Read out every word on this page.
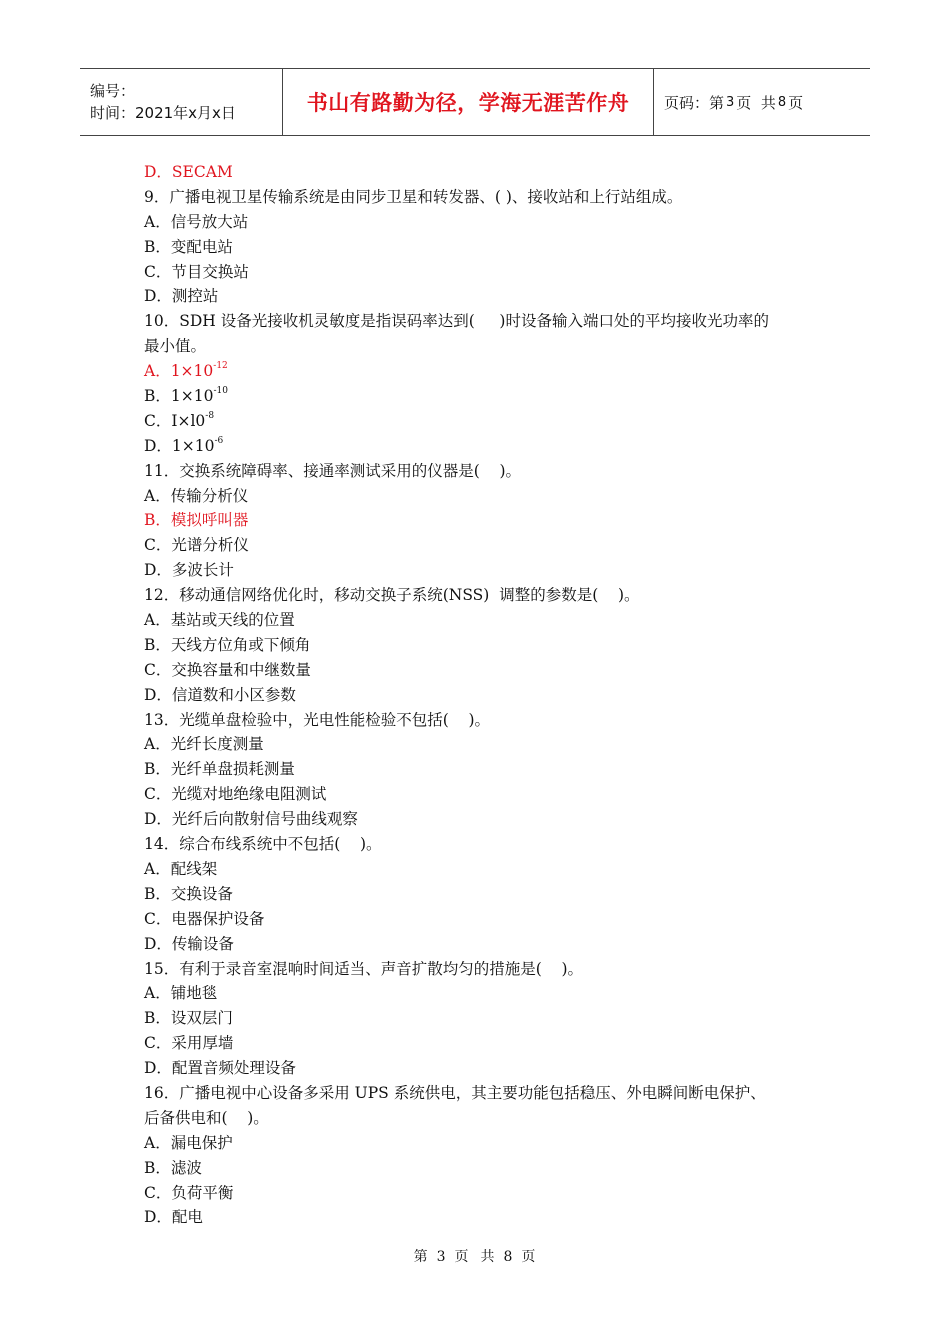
编号：
时间：2021年x月x日	书山有路勤为径，学海无涯苦作舟 页码：第 3 页  共 8 页
D．SECAM
9．广播电视卫星传输系统是由同步卫星和转发器、( )、接收站和上行站组成。
A．信号放大站
B．变配电站
C．节目交换站
D．测控站
10．SDH 设备光接收机灵敏度是指误码率达到(     )时设备输入端口处的平均接收光功率的
最小值。
A．$1\times 10^{-12}$
B．$1\times 10^{-10}$
C．$I\times l0^{-8}$
D．$1\times 10^{-6}$
11．交换系统障碍率、接通率测试采用的仪器是(    )。
A．传输分析仪
B．模拟呼叫器
C．光谱分析仪
D．多波长计
12．移动通信网络优化时，移动交换子系统(NSS)  调整的参数是(    )。
A．基站或天线的位置
B．天线方位角或下倾角
C．交换容量和中继数量
D．信道数和小区参数
13．光缆单盘检验中，光电性能检验不包括(    )。
A．光纤长度测量
B．光纤单盘损耗测量
C．光缆对地绝缘电阻测试
D．光纤后向散射信号曲线观察
14．综合布线系统中不包括(    )。
A．配线架
B．交换设备
C．电器保护设备
D．传输设备
15．有利于录音室混响时间适当、声音扩散均匀的措施是(    )。
A．铺地毯
B．设双层门
C．采用厚墙
D．配置音频处理设备
16．广播电视中心设备多采用 UPS 系统供电，其主要功能包括稳压、外电瞬间断电保护、
后备供电和(    )。
A．漏电保护
B．滤波
C．负荷平衡
D．配电
第 3 页  共 8 页
